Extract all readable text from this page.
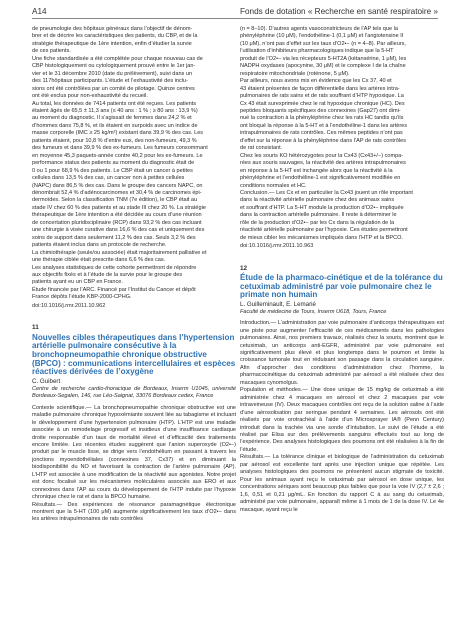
A14	Fonds de dotation « Recherche en santé respiratoire »

de pneumologie des hôpitaux généraux dans l’objectif de dénom-

brer et de décrire les caractéristiques des patients, du CBP, et de la

stratégie thérapeutique de 1ère intention, enfin d’étudier la survie

de ces patients.

Une fiche standardisée a été complétée pour chaque nouveau cas de

CBP histologiquement ou cytologiquement prouvé entre le 1er jan-

vier et le 31 décembre 2010 (date du prélèvement), suivi dans un

des 117hôpitaux participants. L’étude et l’exhaustivité des inclu-

sions ont été contrôlées par un comité de pilotage. Quinze centres

ont été exclus pour non-exhaustivité du recueil.

Au total, les données de 7414 patients ont été reçues. Les patients

étaient âgés de 65,5 ± 11,3 ans (≤ 40 ans : 1 % ; ≥ 80 ans : 13,9 %)

au moment du diagnostic. Il s’agissait de femmes dans 24,2 % et

d’hommes dans 75,8 %, et ils étaient en surpoids avec un indice de

masse corporelle (IMC ≥ 25 kg/m²) existant dans 39,9 % des cas. Les

patients étaient, pour 10,8 % d’entre eux, des non-fumeurs, 49,3 %

des fumeurs et dans 39,9 % des ex-fumeurs. Les fumeurs consommant

en moyenne 45,3 paquets-année contre 40,2 pour les ex-fumeurs. Le

performance status des patients au moment du diagnostic était de

0 ou 1 pour 68,9 % des patients. Le CBP était un cancer à petites

cellules dans 13,5 % des cas, un cancer non à petites cellules

(NAPC) dans 86,5 % des cas. Dans le groupe des cancers NAPC, on

dénombrait 52,4 % d’adénocarcinomes et 30,4 % de carcinomes épi-

dermoïdes. Selon la classification TNM (7e édition), le CBP était au

stade IV chez 60 % des patients et au stade III chez 20 %. La stratégie

thérapeutique de 1ère intention a été décidée au cours d’une réunion

de concertation pluridisciplinaire (RCP) dans 93,2 % des cas incluant

une chirurgie à visée curative dans 16,6 % des cas et uniquement des

soins de support dans seulement 11,2 % des cas. Seuls 3,2 % des

patients étaient inclus dans un protocole de recherche.

La chimiothérapie (seule/ou associée) était majoritairement palliative et

une thérapie ciblée était prescrite dans 6,6 % des cas.

Les analyses statistiques de cette cohorte permettront de répondre

aux objectifs fixés et à l’étude de la survie pour le groupe des

patients ayant eu un CBP en France.

Étude financée par l’ARC. Financé par l’Institut du Cancer et dépôt

France dépôts l’étude KBP-2000-CPHG.

doi:10.1016/j.rmr.2011.10.962

11

Nouvelles cibles thérapeutiques dans l’hypertension artérielle pulmonaire consécutive à la bronchopneumopathie chronique obstructive (BPCO) : communications intercellulaires et espèces réactives dérivées de l’oxygène

C. Guibert

Centre de recherche cardio-thoracique de Bordeaux, Inserm U1045, université Bordeaux-Segalen, 146, rue Léo-Saignat, 33076 Bordeaux cedex, France

Contexte scientifique.— La bronchopneumopathie chronique obstructive est une maladie pulmonaire chronique hypoxémiante souvent liée au tabagisme et incluant le développement d’une hypertension pulmonaire (HTP). L’HTP est une maladie associée à un remodelage progressif et insidieux d’une insuffisance cardiaque droite responsable d’un taux de mortalité élevé et d’efficacité des traitements encore limitée. Les récentes études suggèrent que l’anion superoxyde (O2•−) produit par le muscle lisse, se dirige vers l’endothélium en passant à travers les jonctions myoendothéliales (connexines 37, Cx37) et en diminuant la biodisponibilité du NO et favorisant la contraction de l’artère pulmonaire (AP). L’HTP est associée à une modification de la réactivité aux agonistes. Notre projet est donc focalisé sur les mécanismes moléculaires associés aux ERO et aux connexines dans l’AP au cours du développement de l’HTP induite par l’hypoxie chronique chez le rat et dans la BPCO humaine.

Résultats.— Des expériences de résonance paramagnétique électronique montrent que la 5-HT (100 μM) augmente significativement les taux d’O2•− dans les artères intrapulmonaires de rats contrôles

(n = 8–10). D’autres agents vasoconstricteurs de l’AP tels que la

phényléphrine (10 μM), l’endothéline-1 (0,1 μM) et l’angiotensine II

(10 μM), n’ont pas d’effet sur les taux d’O2•− (n = 4–8). Par ailleurs,

l’utilisation d’inhibiteurs pharmacologiques indique que la 5-HT

produit de l’O2•− via les récepteurs 5-HT2A (kétansérine, 1 μM), les

NADPH oxydases (apocynine, 30 μM) et le complexe I de la chaîne

respiratoire mitochondriale (roténone, 5 μM).

Par ailleurs, nous avons mis en évidence que les Cx 37, 40 et

43 étaient présentes de façon différentielle dans les artères intra-

pulmonaires de rats sains et de rats souffrant d’HTP hypoxique. La

Cx 43 était surexprimée chez le rat hypoxique chronique (HC). Des

peptides bloquants spécifiques des connexines (Gap27) ont dimi-

nué la contraction à la phényléphrine chez les rats HC tandis qu’ils

ont bloqué la réponse à la 5-HT et à l’endothéline-1 dans les artères

intrapulmonaires de rats contrôles. Ces mêmes peptides n’ont pas

d’effet sur la réponse à la phényléphrine dans l’AP de rats contrôles

de rat consistant.

Chez les souris KO hétérozygotes pour la Cx43 (Cx43+/−) compa-

rées aux souris sauvages, la réactivité des artères intrapulmonaires

en réponse à la 5-HT est inchangée alors que la réactivité à la

phényléphrine et l’endothéline-1 est significativement modifiée en

conditions normales et HC.

Conclusion.— Les Cx et en particulier la Cx43 jouent un rôle important

dans la réactivité artérielle pulmonaire chez des animaux sains

et souffrant d’HTP. La 5-HT module la production d’O2•− impliquée

dans la contraction artérielle pulmonaire. Il reste à déterminer le

rôle de la production d’O2•− par les Cx dans la régulation de la

réactivité artérielle pulmonaire par l’hypoxie. Ces études permettront

de mieux cibler les mécanismes impliqués dans l’HTP et la BPCO.

doi:10.1016/j.rmr.2011.10.963

12

Étude de la pharmaco-cinétique et de la tolérance du cetuximab administré par voie pulmonaire chez le primate non humain

L. Guilleminault, E. Lemarié

Faculté de médecine de Tours, Inserm U618, Tours, France

Introduction.— L’administration par voie pulmonaire d’anticorps thérapeutiques est une piste pour augmenter l’efficacité de ces médicaments dans les pathologies pulmonaires. Ainsi, nos premiers travaux, réalisés chez la souris, montrent que le cetuximab, un anticorps anti-EGFR, administré par voie pulmonaire est significativement plus élevé et plus longtemps dans le poumon et limite la croissance tumorale tout en réduisant son passage dans la circulation sanguine. Afin d’approcher des conditions d’administration chez l’homme, la pharmacocinétique du cetuximab administré par aérosol a été réalisée chez des macaques cynomolgus.

Population et méthodes.— Une dose unique de 15 mg/kg de cetuximab a été administrée chez 4 macaques en aérosol et chez 2 macaques par voie intraveineuse (IV). Deux macaques contrôles ont reçu de la solution saline à l’aide d’une aérosolisation par seringue pendant 4 semaines. Les aérosols ont été réalisés par voie orotrachéal à l’aide d’un Microsprayer IA® (Penn Century) introduit dans la trachée via une sonde d’intubation. Le suivi de l’étude a été réalisé par Elisa sur des prélèvements sanguins effectués tout au long de l’expérience. Des analyses histologiques des poumons ont été réalisées à la fin de l’étude.

Résultats.— La tolérance clinique et biologique de l’administration du cetuximab par aérosol est excellente tant après une injection unique que répétée. Les analyses histologiques des poumons ne présentent aucun stigmate de toxicité. Pour les animaux ayant reçu le cetuximab par aérosol en dose unique, les concentrations sériques sont beaucoup plus faibles que pour la voie IV (2,7 ± 2,6 ; 1,6, 0,51 et 0,21 μg/mL. En fonction du rapport C à au sang du cetuximab, administré par voie pulmonaire, apparaît même à 1 mois de 1 de la dose IV. Le 4e macaque, ayant reçu le
